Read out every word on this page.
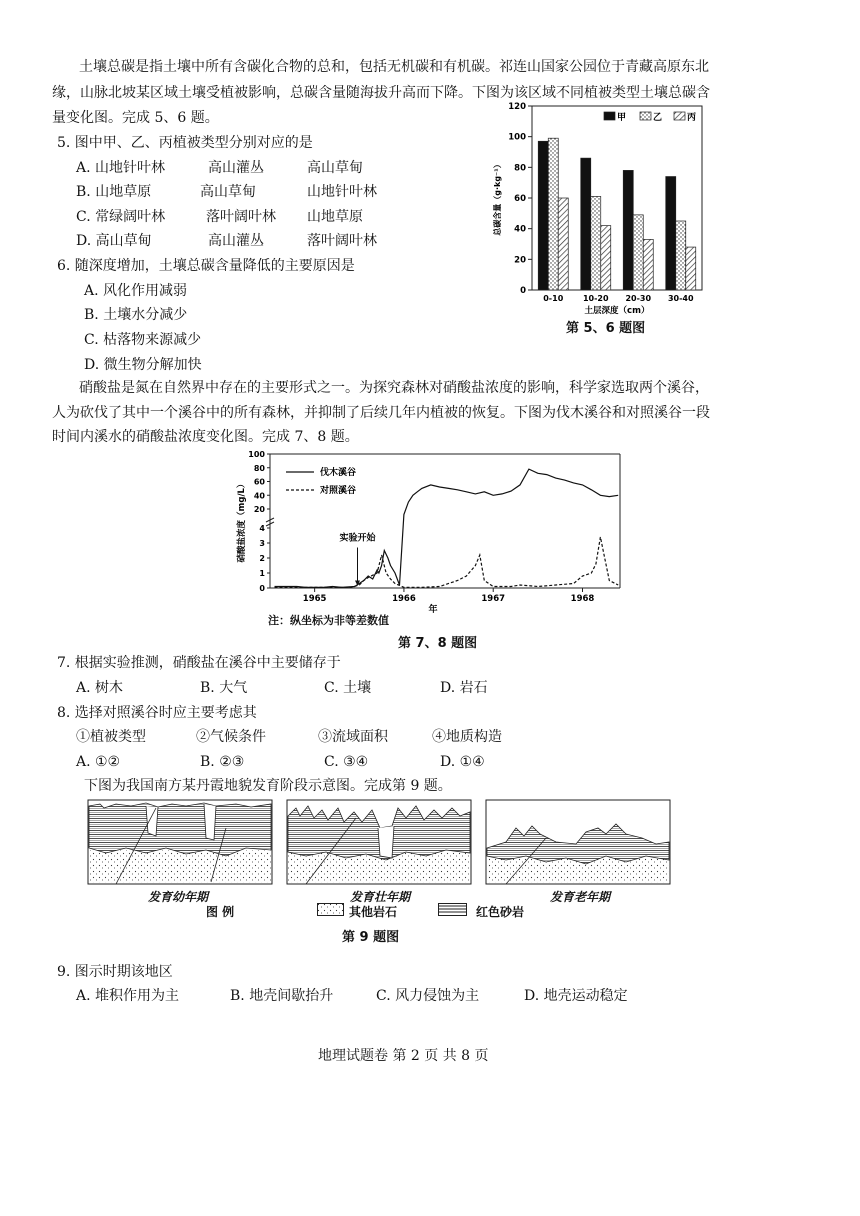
土壤总碳是指土壤中所有含碳化合物的总和，包括无机碳和有机碳。祁连山国家公园位于青藏高原东北
缘，山脉北坡某区域土壤受植被影响，总碳含量随海拔升高而下降。下图为该区域不同植被类型土壤总碳含
量变化图。完成 5、6 题。
5. 图中甲、乙、丙植被类型分别对应的是
A. 山地针叶林	高山灌丛	高山草甸
B. 山地草原	高山草甸	山地针叶林
C. 常绿阔叶林	落叶阔叶林 山地草原
D. 高山草甸	高山灌丛	落叶阔叶林
6. 随深度增加，土壤总碳含量降低的主要原因是
A. 风化作用减弱
B. 土壤水分减少
C. 枯落物来源减少
D. 微生物分解加快
0
20
40
60
80
100
120
总碳含量（g·kg⁻¹）
0-10 10-20 20-30 30-40
土层深度（cm）
甲	乙	丙
第 5、6 题图
硝酸盐是氮在自然界中存在的主要形式之一。为探究森林对硝酸盐浓度的影响，科学家选取两个溪谷，
人为砍伐了其中一个溪谷中的所有森林，并抑制了后续几年内植被的恢复。下图为伐木溪谷和对照溪谷一段
时间内溪水的硝酸盐浓度变化图。完成 7、8 题。
0
1
2
3
4
20
40
60
80
100
硝酸盐浓度（mg/L）
1965	1966	1967	1968
年
实验开始
伐木溪谷
对照溪谷
注：纵坐标为非等差数值
第 7、8 题图
7. 根据实验推测，硝酸盐在溪谷中主要储存于
A. 树木	B. 大气	C. 土壤	D. 岩石
8. 选择对照溪谷时应主要考虑其
①植被类型	②气候条件	③流域面积	④地质构造
A. ①②	B. ②③	C. ③④	D. ①④
下图为我国南方某丹霞地貌发育阶段示意图。完成第 9 题。
发育幼年期	发育壮年期	发育老年期
图 例	其他岩石	红色砂岩
第 9 题图
9. 图示时期该地区
A. 堆积作用为主	B. 地壳间歇抬升	C. 风力侵蚀为主	D. 地壳运动稳定
地理试题卷 第 2 页 共 8 页
